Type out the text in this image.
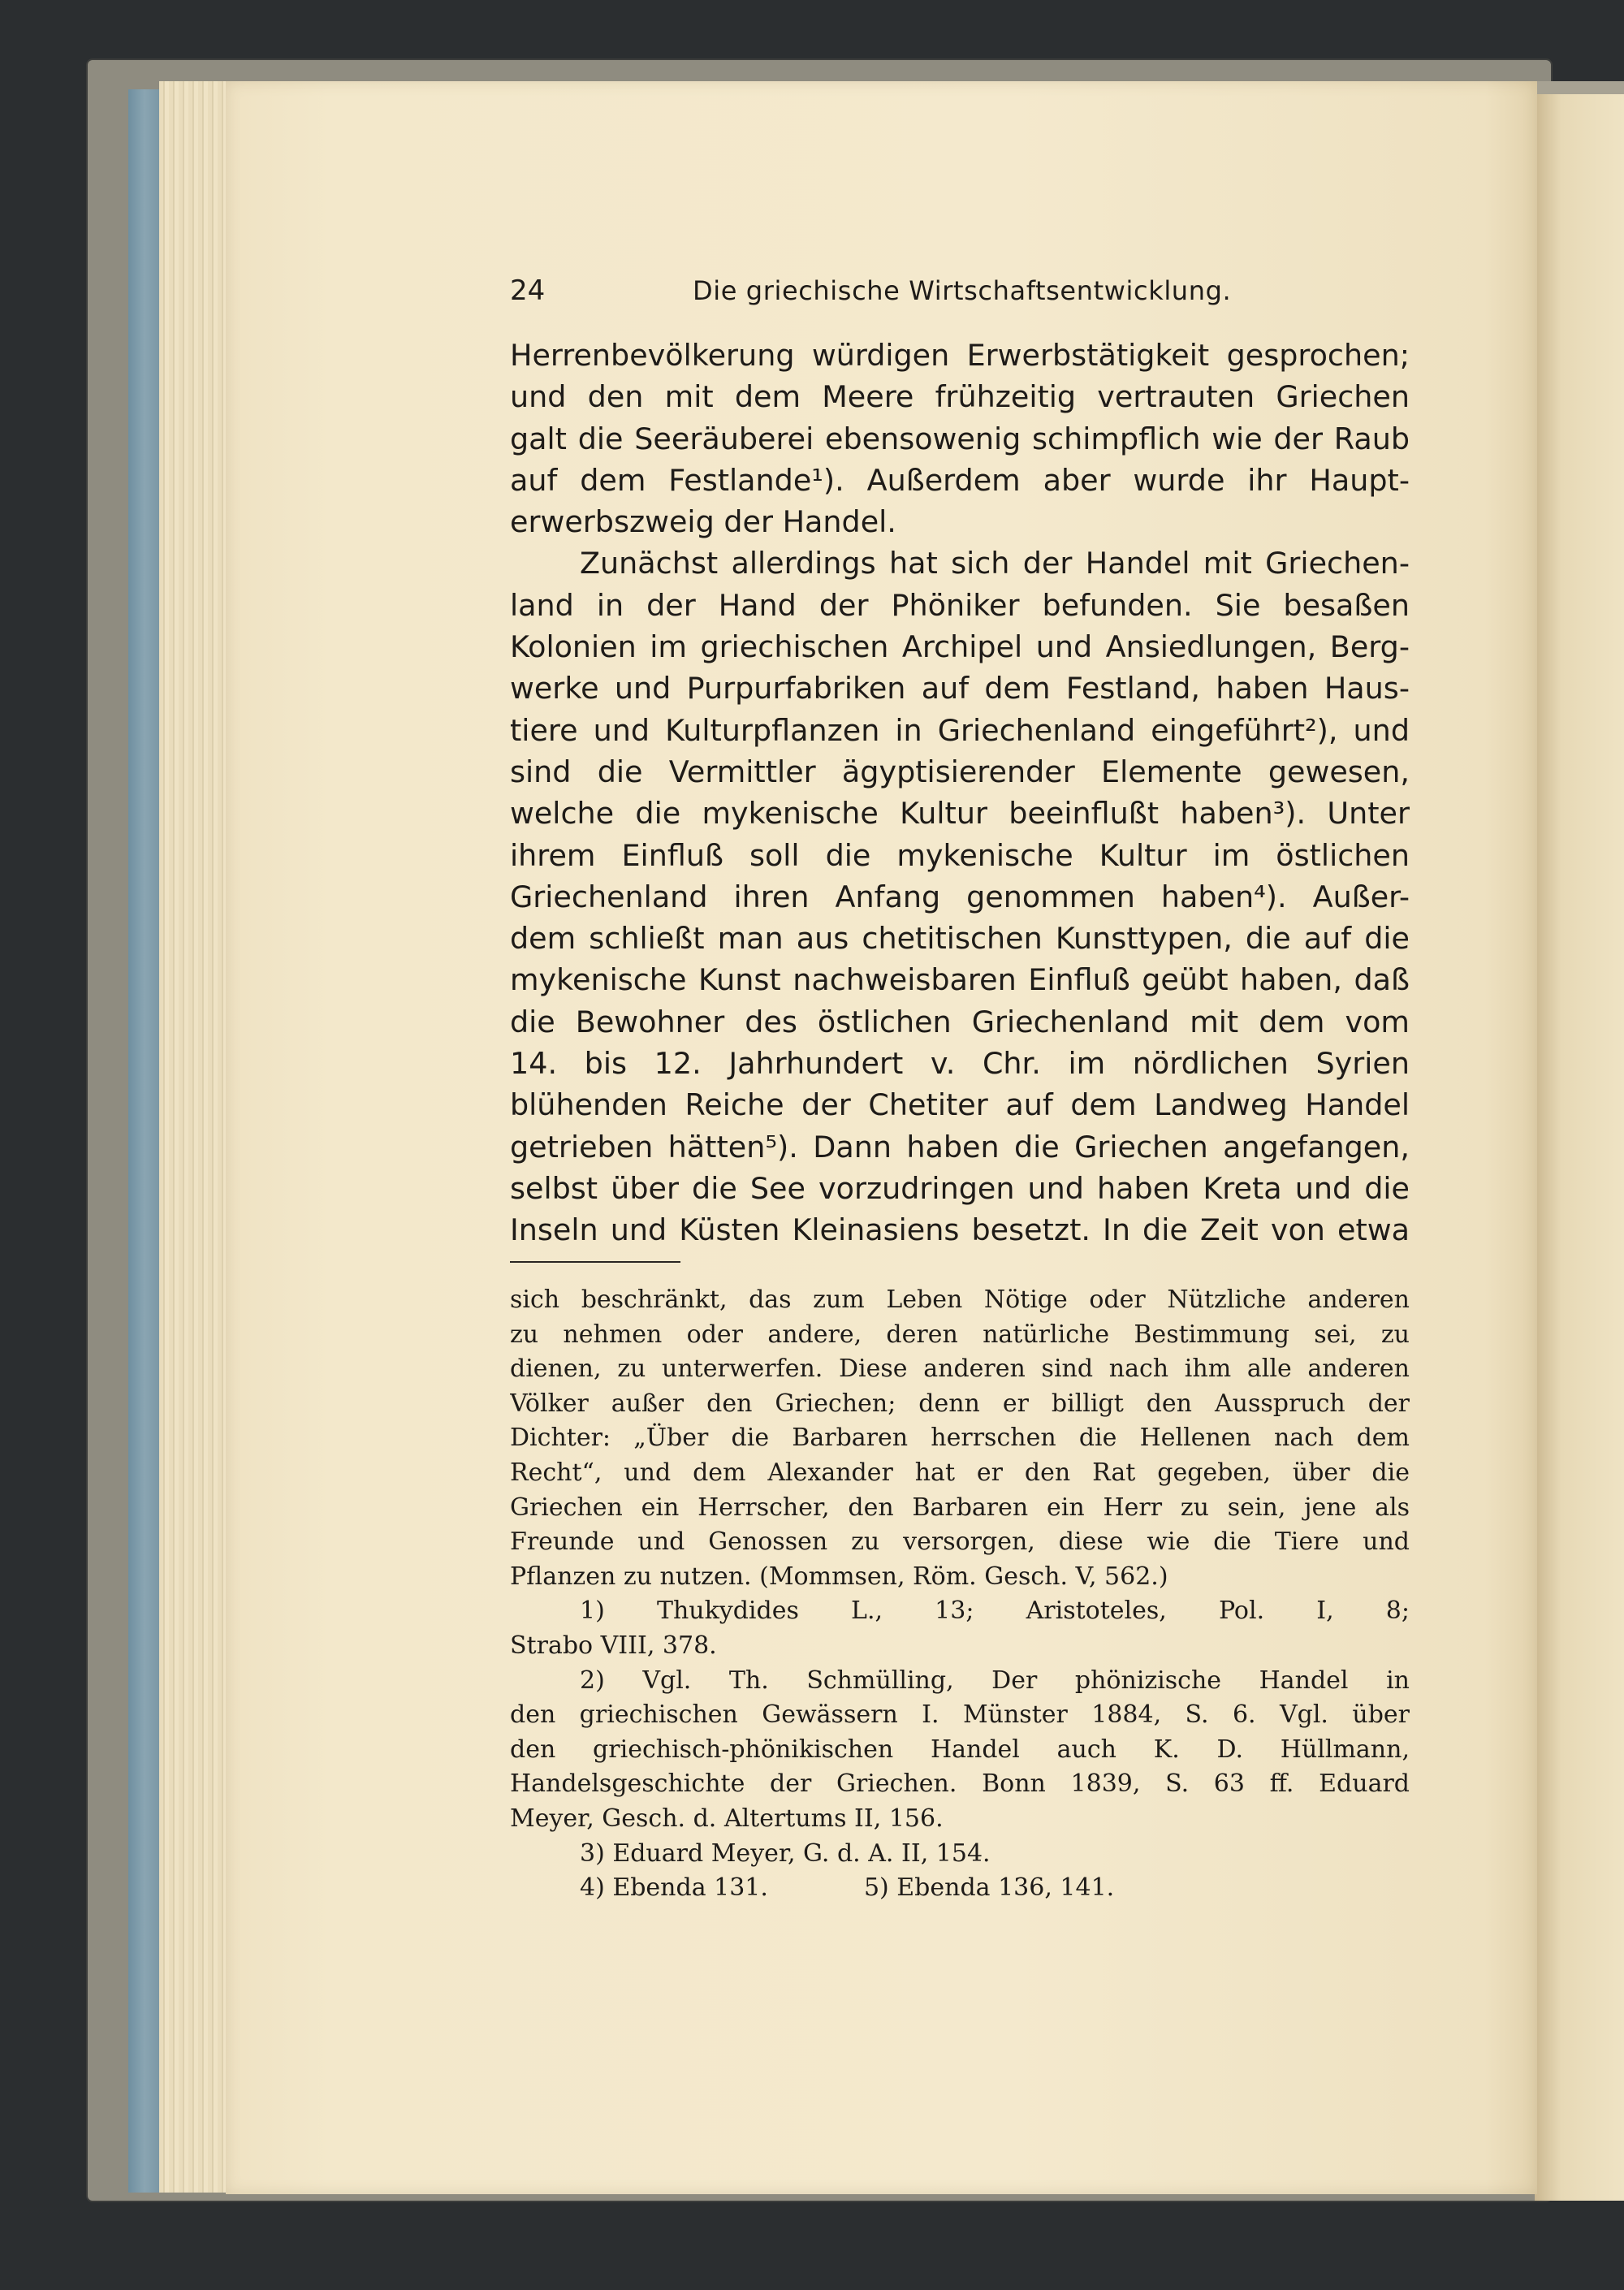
24	Die griechische Wirtschaftsentwicklung.
Herrenbevölkerung würdigen Erwerbstätigkeit gesprochen;
und den mit dem Meere frühzeitig vertrauten Griechen
galt die Seeräuberei ebensowenig schimpflich wie der Raub
auf dem Festlande¹). Außerdem aber wurde ihr Haupt-
erwerbszweig der Handel.
Zunächst allerdings hat sich der Handel mit Griechen-
land in der Hand der Phöniker befunden. Sie besaßen
Kolonien im griechischen Archipel und Ansiedlungen, Berg-
werke und Purpurfabriken auf dem Festland, haben Haus-
tiere und Kulturpflanzen in Griechenland eingeführt²), und
sind die Vermittler ägyptisierender Elemente gewesen,
welche die mykenische Kultur beeinflußt haben³). Unter
ihrem Einfluß soll die mykenische Kultur im östlichen
Griechenland ihren Anfang genommen haben⁴). Außer-
dem schließt man aus chetitischen Kunsttypen, die auf die
mykenische Kunst nachweisbaren Einfluß geübt haben, daß
die Bewohner des östlichen Griechenland mit dem vom
14. bis 12. Jahrhundert v. Chr. im nördlichen Syrien
blühenden Reiche der Chetiter auf dem Landweg Handel
getrieben hätten⁵). Dann haben die Griechen angefangen,
selbst über die See vorzudringen und haben Kreta und die
Inseln und Küsten Kleinasiens besetzt. In die Zeit von etwa
sich beschränkt, das zum Leben Nötige oder Nützliche anderen
zu nehmen oder andere, deren natürliche Bestimmung sei, zu
dienen, zu unterwerfen. Diese anderen sind nach ihm alle anderen
Völker außer den Griechen; denn er billigt den Ausspruch der
Dichter: „Über die Barbaren herrschen die Hellenen nach dem
Recht“, und dem Alexander hat er den Rat gegeben, über die
Griechen ein Herrscher, den Barbaren ein Herr zu sein, jene als
Freunde und Genossen zu versorgen, diese wie die Tiere und
Pflanzen zu nutzen. (Mommsen, Röm. Gesch. V, 562.)
1) Thukydides L., 13; Aristoteles, Pol. I, 8;
Strabo VIII, 378.
2) Vgl. Th. Schmülling, Der phönizische Handel in
den griechischen Gewässern I. Münster 1884, S. 6. Vgl. über
den griechisch-phönikischen Handel auch K. D. Hüllmann,
Handelsgeschichte der Griechen. Bonn 1839, S. 63 ff. Eduard
Meyer, Gesch. d. Altertums II, 156.
3) Eduard Meyer, G. d. A. II, 154.
4) Ebenda 131.	5) Ebenda 136, 141.
